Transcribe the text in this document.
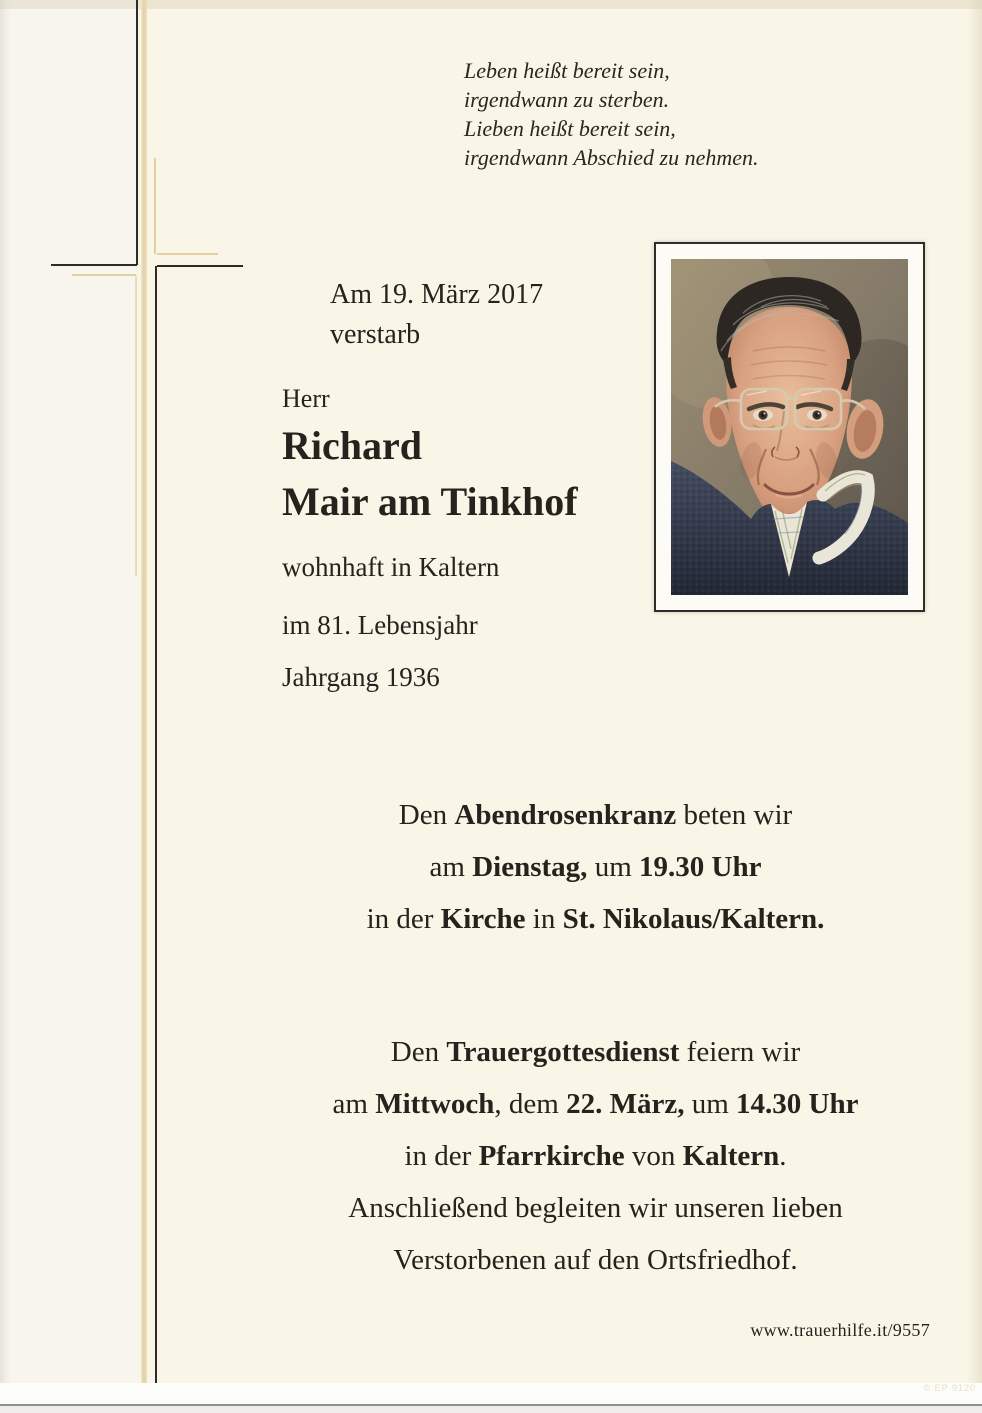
Leben heißt bereit sein,
irgendwann zu sterben.
Lieben heißt bereit sein,
irgendwann Abschied zu nehmen.
Am 19. März 2017
verstarb
Herr
Richard
Mair am Tinkhof
wohnhaft in Kaltern
im 81. Lebensjahr
Jahrgang 1936

Den Abendrosenkranz beten wir

am Dienstag, um 19.30 Uhr

in der Kirche in St. Nikolaus/Kaltern.

Den Trauergottesdienst feiern wir

am Mittwoch, dem 22. März, um 14.30 Uhr

in der Pfarrkirche von Kaltern.

Anschließend begleiten wir unseren lieben

Verstorbenen auf den Ortsfriedhof.

www.trauerhilfe.it/9557
© EP 9120
